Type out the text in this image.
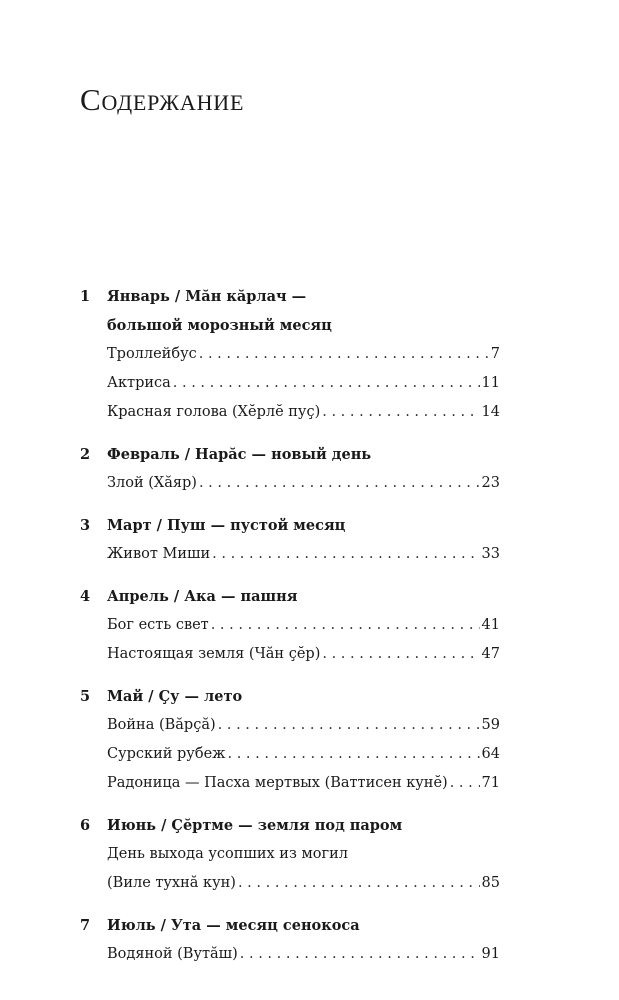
Содержание
1	Январь / Мăн кăрлач —
большой морозный месяц
Троллейбус . . .	7
Актриса . . .	11
Красная голова (Хĕрлĕ пуç) . . .	14
2	Февраль / Нарăс — новый день
Злой (Хăяр) . . .	23
3	Март / Пуш — пустой месяц
Живот Миши . . .	33
4	Апрель / Ака — пашня
Бог есть свет . . .	41
Настоящая земля (Чăн çĕр) . . .	47
5	Май / Çу — лето
Война (Вăрçă) . . .	59
Сурский рубеж . . .	64
Радоница — Пасха мертвых (Ваттисен кунĕ) . . . 71
6	Июнь / Çĕртме — земля под паром
День выхода усопших из могил
(Виле тухнă кун) . . .	85
7	Июль / Ута — месяц сенокоса
Водяной (Вутăш) . . .	91
